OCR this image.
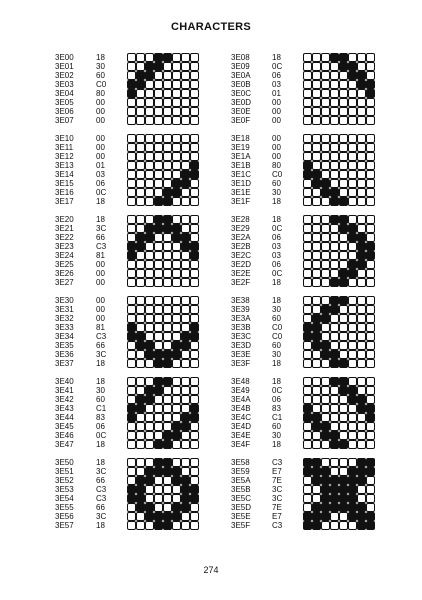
CHARACTERS
3E00	18
3E01	30
3E02	60
3E03	C0
3E04	80
3E05	00
3E06	00
3E07	00
3E08	18
3E09	0C
3E0A	06
3E0B	03
3E0C	01
3E0D	00
3E0E	00
3E0F	00
3E10	00
3E11	00
3E12	00
3E13	01
3E14	03
3E15	06
3E16	0C
3E17	18
3E18	00
3E19	00
3E1A	00
3E1B	80
3E1C	C0
3E1D	60
3E1E	30
3E1F	18
3E20	18
3E21	3C
3E22	66
3E23	C3
3E24	81
3E25	00
3E26	00
3E27	00
3E28	18
3E29	0C
3E2A	06
3E2B	03
3E2C	03
3E2D	06
3E2E	0C
3E2F	18
3E30	00
3E31	00
3E32	00
3E33	81
3E34	C3
3E35	66
3E36	3C
3E37	18
3E38	18
3E39	30
3E3A	60
3E3B	C0
3E3C	C0
3E3D	60
3E3E	30
3E3F	18
3E40	18
3E41	30
3E42	60
3E43	C1
3E44	83
3E45	06
3E46	0C
3E47	18
3E48	18
3E49	0C
3E4A	06
3E4B	83
3E4C	C1
3E4D	60
3E4E	30
3E4F	18
3E50	18
3E51	3C
3E52	66
3E53	C3
3E54	C3
3E55	66
3E56	3C
3E57	18
3E58	C3
3E59	E7
3E5A	7E
3E5B	3C
3E5C	3C
3E5D	7E
3E5E	E7
3E5F	C3
274
